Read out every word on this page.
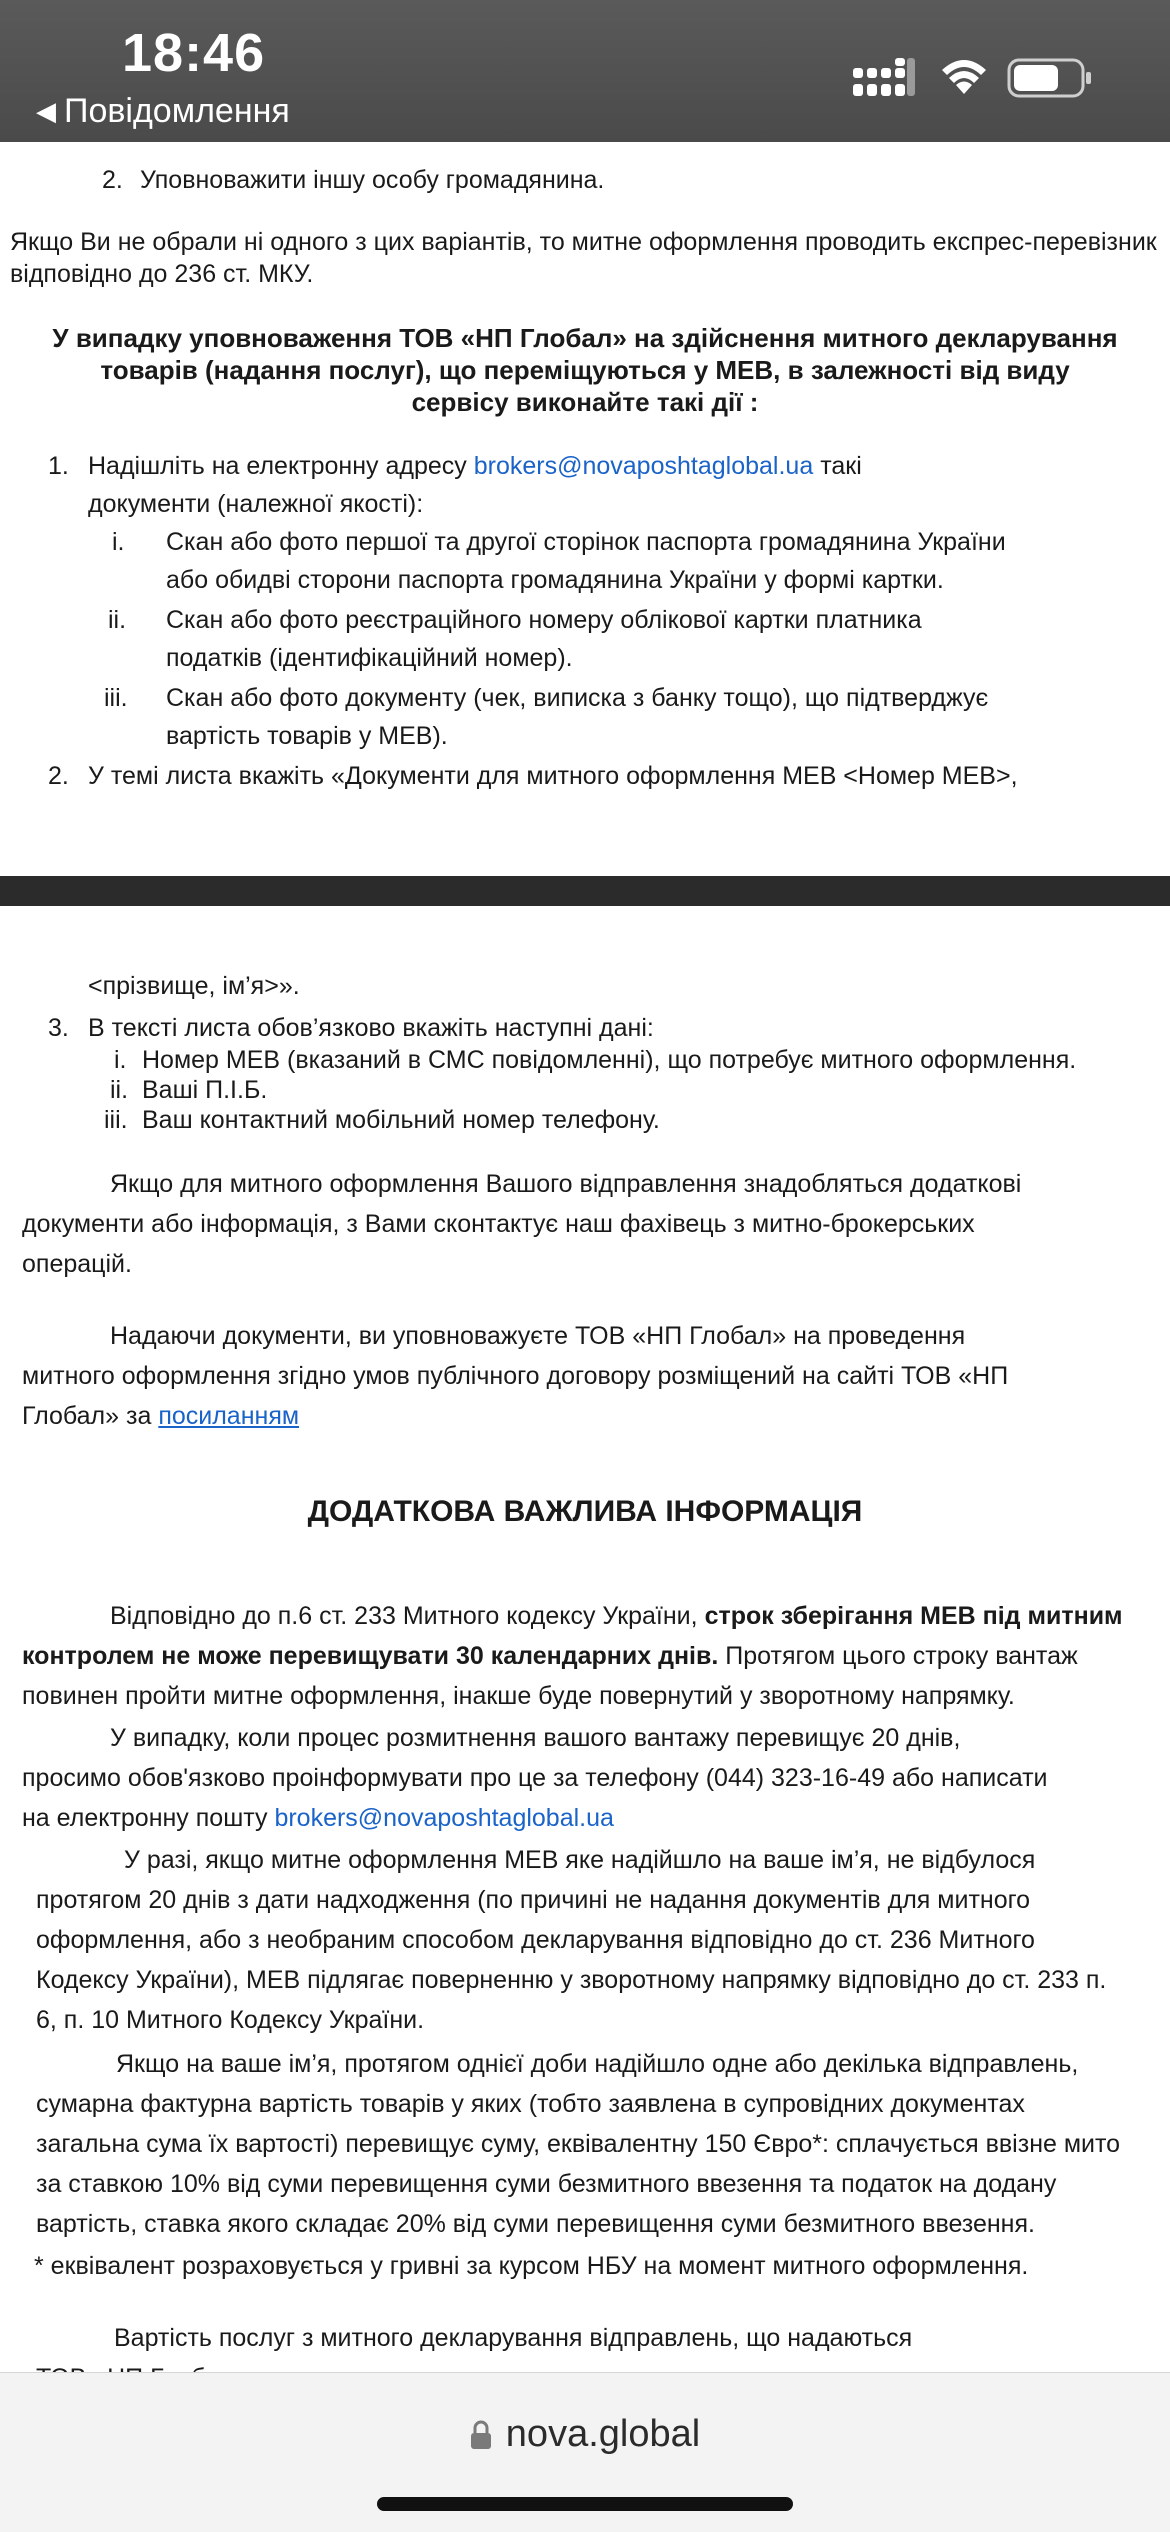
18:46
◀ Повідомлення
2. Уповноважити іншу особу громадянина.
Якщо Ви не обрали ні одного з цих варіантів, то митне оформлення проводить експрес-перевізник
відповідно до 236 ст. МКУ.
У випадку уповноваження ТОВ «НП Глобал» на здійснення митного декларування
товарів (надання послуг), що переміщуються у МЕВ, в залежності від виду
сервісу виконайте такі дії :
1. Надішліть на електронну адресу brokers@novaposhtaglobal.ua такі
документи (належної якості):
i. Скан або фото першої та другої сторінок паспорта громадянина України
або обидві сторони паспорта громадянина України у формі картки.
ii. Скан або фото реєстраційного номеру облікової картки платника
податків (ідентифікаційний номер).
iii. Скан або фото документу (чек, виписка з банку тощо), що підтверджує
вартість товарів у МЕВ).
2. У темі листа вкажіть «Документи для митного оформлення МЕВ <Номер МЕВ>,
<прізвище, ім’я>».
3. В тексті листа обов’язково вкажіть наступні дані:
i. Номер МЕВ (вказаний в СМС повідомленні), що потребує митного оформлення.
ii. Ваші П.І.Б.
iii. Ваш контактний мобільний номер телефону.
Якщо для митного оформлення Вашого відправлення знадобляться додаткові
документи або інформація, з Вами сконтактує наш фахівець з митно-брокерських
операцій.
Надаючи документи, ви уповноважуєте ТОВ «НП Глобал» на проведення
митного оформлення згідно умов публічного договору розміщений на сайті ТОВ «НП
Глобал» за посиланням
ДОДАТКОВА ВАЖЛИВА ІНФОРМАЦІЯ
Відповідно до п.6 ст. 233 Митного кодексу України, строк зберігання МЕВ під митним
контролем не може перевищувати 30 календарних днів. Протягом цього строку вантаж
повинен пройти митне оформлення, інакше буде повернутий у зворотному напрямку.
У випадку, коли процес розмитнення вашого вантажу перевищує 20 днів,
просимо обов'язково проінформувати про це за телефону (044) 323-16-49 або написати
на електронну пошту brokers@novaposhtaglobal.ua
У разі, якщо митне оформлення МЕВ яке надійшло на ваше ім’я, не відбулося
протягом 20 днів з дати надходження (по причині не надання документів для митного
оформлення, або з необраним способом декларування відповідно до ст. 236 Митного
Кодексу України), МЕВ підлягає поверненню у зворотному напрямку відповідно до ст. 233 п.
6, п. 10 Митного Кодексу України.
Якщо на ваше ім’я, протягом однієї доби надійшло одне або декілька відправлень,
сумарна фактурна вартість товарів у яких (тобто заявлена в супровідних документах
загальна сума їх вартості) перевищує суму, еквівалентну 150 Євро*: сплачується ввізне мито
за ставкою 10% від суми перевищення суми безмитного ввезення та податок на додану
вартість, ставка якого складає 20% від суми перевищення суми безмитного ввезення.
* еквівалент розраховується у гривні за курсом НБУ на момент митного оформлення.
Вартість послуг з митного декларування відправлень, що надаються
nova.global
